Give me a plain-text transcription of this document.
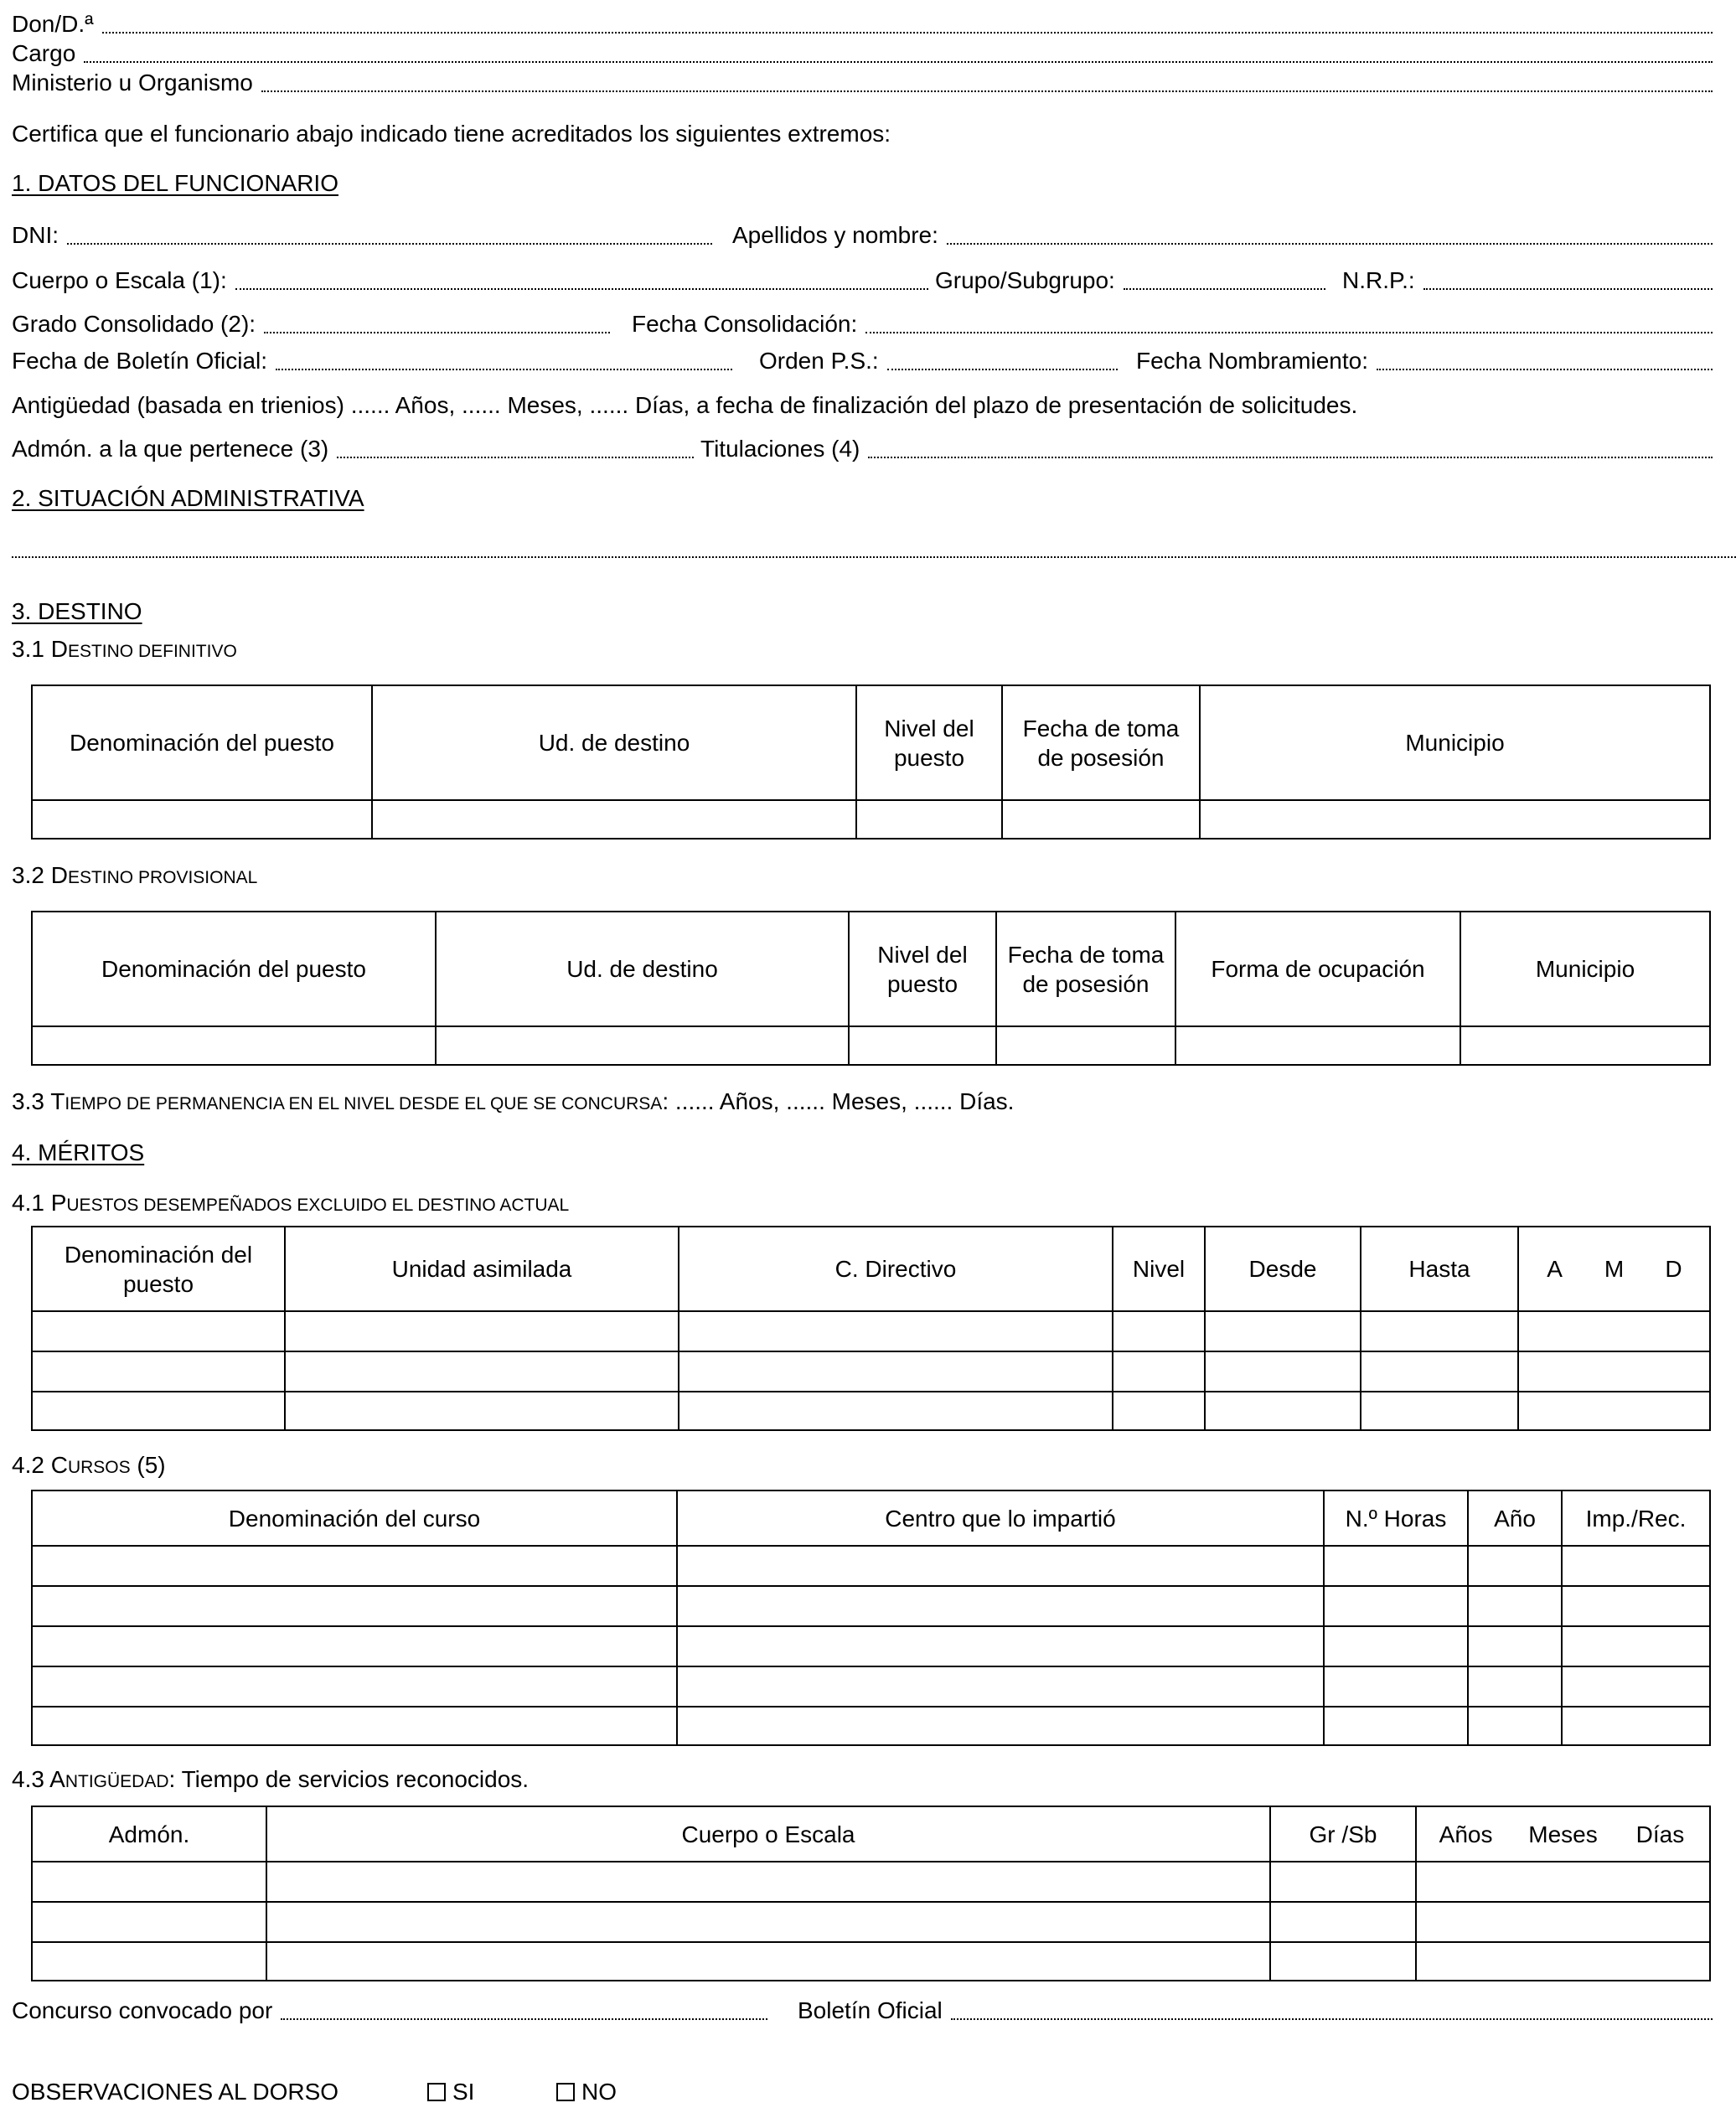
Don/D.ª
Cargo
Ministerio u Organismo
Certifica que el funcionario abajo indicado tiene acreditados los siguientes extremos:
1. DATOS DEL FUNCIONARIO
DNI:	Apellidos y nombre:
Cuerpo o Escala (1):	Grupo/Subgrupo:	N.R.P.:
Grado Consolidado (2):	Fecha Consolidación:
Fecha de Boletín Oficial:	Orden P.S.:	Fecha Nombramiento:
Antigüedad (basada en trienios) ...... Años, ...... Meses, ...... Días, a fecha de finalización del plazo de presentación de solicitudes.
Admón. a la que pertenece (3)	Titulaciones (4)
2. SITUACIÓN ADMINISTRATIVA
3. DESTINO
3.1 DESTINO DEFINITIVO
Denominación del puesto	Ud. de destino	Nivel del puesto	Fecha de toma de posesión	Municipio

3.2 DESTINO PROVISIONAL
Denominación del puesto	Ud. de destino	Nivel del puesto	Fecha de toma de posesión	Forma de ocupación	Municipio

3.3 TIEMPO DE PERMANENCIA EN EL NIVEL DESDE EL QUE SE CONCURSA: ...... Años, ...... Meses, ...... Días.
4. MÉRITOS
4.1 PUESTOS DESEMPEÑADOS EXCLUIDO EL DESTINO ACTUAL
Denominación del puesto	Unidad asimilada	C. Directivo	Nivel	Desde	Hasta	A M D

4.2 CURSOS (5)
Denominación del curso	Centro que lo impartió	N.º Horas	Año	Imp./Rec.

4.3 ANTIGÜEDAD: Tiempo de servicios reconocidos.
Admón.	Cuerpo o Escala	Gr /Sb	Años Meses Días

Concurso convocado por	Boletín Oficial
OBSERVACIONES AL DORSO	SI	NO
